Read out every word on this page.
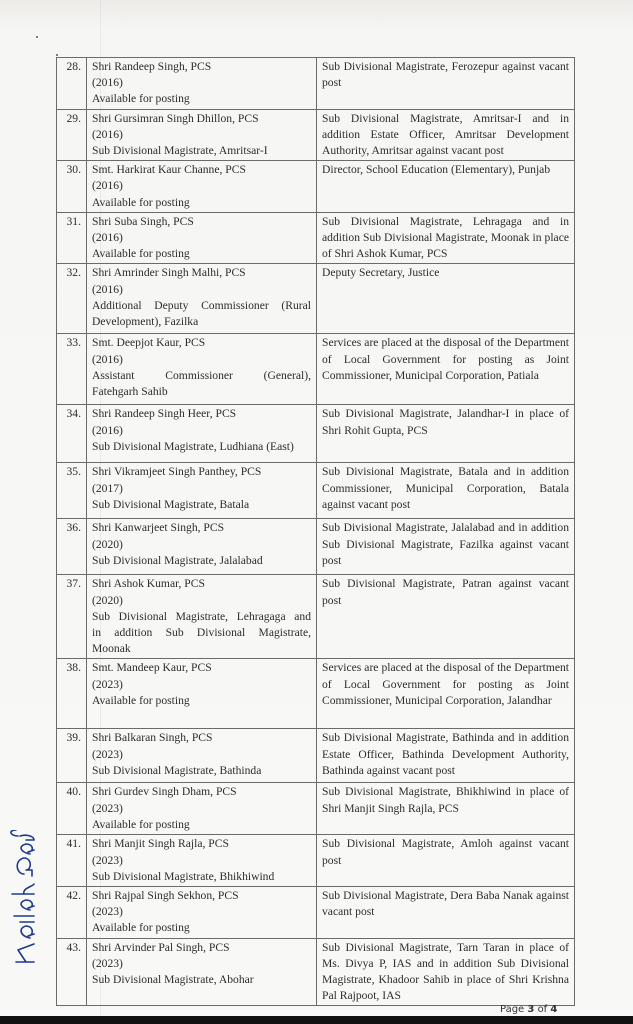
28.	Shri Randeep Singh, PCS
(2016)
Available for posting	Sub Divisional Magistrate, Ferozepur against vacant post
29.	Shri Gursimran Singh Dhillon, PCS
(2016)
Sub Divisional Magistrate, Amritsar-I	Sub Divisional Magistrate, Amritsar-I and in addition Estate Officer, Amritsar Development Authority, Amritsar against vacant post
30.	Smt. Harkirat Kaur Channe, PCS
(2016)
Available for posting	Director, School Education (Elementary), Punjab
31.	Shri Suba Singh, PCS
(2016)
Available for posting	Sub Divisional Magistrate, Lehragaga and in addition Sub Divisional Magistrate, Moonak in place of Shri Ashok Kumar, PCS
32.	Shri Amrinder Singh Malhi, PCS
(2016)
Additional Deputy Commissioner (Rural
Development), Fazilka	Deputy Secretary, Justice
33.	Smt. Deepjot Kaur, PCS
(2016)
Assistant Commissioner (General),
Fatehgarh Sahib	Services are placed at the disposal of the Department of Local Government for posting as Joint Commissioner, Municipal Corporation, Patiala
34.	Shri Randeep Singh Heer, PCS
(2016)
Sub Divisional Magistrate, Ludhiana (East)	Sub Divisional Magistrate, Jalandhar-I in place of Shri Rohit Gupta, PCS
35.	Shri Vikramjeet Singh Panthey, PCS
(2017)
Sub Divisional Magistrate, Batala	Sub Divisional Magistrate, Batala and in addition Commissioner, Municipal Corporation, Batala against vacant post
36.	Shri Kanwarjeet Singh, PCS
(2020)
Sub Divisional Magistrate, Jalalabad	Sub Divisional Magistrate, Jalalabad and in addition Sub Divisional Magistrate, Fazilka against vacant post
37.	Shri Ashok Kumar, PCS
(2020)
Sub Divisional Magistrate, Lehragaga and
in addition Sub Divisional Magistrate,
Moonak	Sub Divisional Magistrate, Patran against vacant post
38.	Smt. Mandeep Kaur, PCS
(2023)
Available for posting	Services are placed at the disposal of the Department of Local Government for posting as Joint Commissioner, Municipal Corporation, Jalandhar
39.	Shri Balkaran Singh, PCS
(2023)
Sub Divisional Magistrate, Bathinda	Sub Divisional Magistrate, Bathinda and in addition Estate Officer, Bathinda Development Authority, Bathinda against vacant post
40.	Shri Gurdev Singh Dham, PCS
(2023)
Available for posting	Sub Divisional Magistrate, Bhikhiwind in place of Shri Manjit Singh Rajla, PCS
41.	Shri Manjit Singh Rajla, PCS
(2023)
Sub Divisional Magistrate, Bhikhiwind	Sub Divisional Magistrate, Amloh against vacant post
42.	Shri Rajpal Singh Sekhon, PCS
(2023)
Available for posting	Sub Divisional Magistrate, Dera Baba Nanak against vacant post
43.	Shri Arvinder Pal Singh, PCS
(2023)
Sub Divisional Magistrate, Abohar	Sub Divisional Magistrate, Tarn Taran in place of Ms. Divya P, IAS and in addition Sub Divisional Magistrate, Khadoor Sahib in place of Shri Krishna Pal Rajpoot, IAS
Page 3 of 4
